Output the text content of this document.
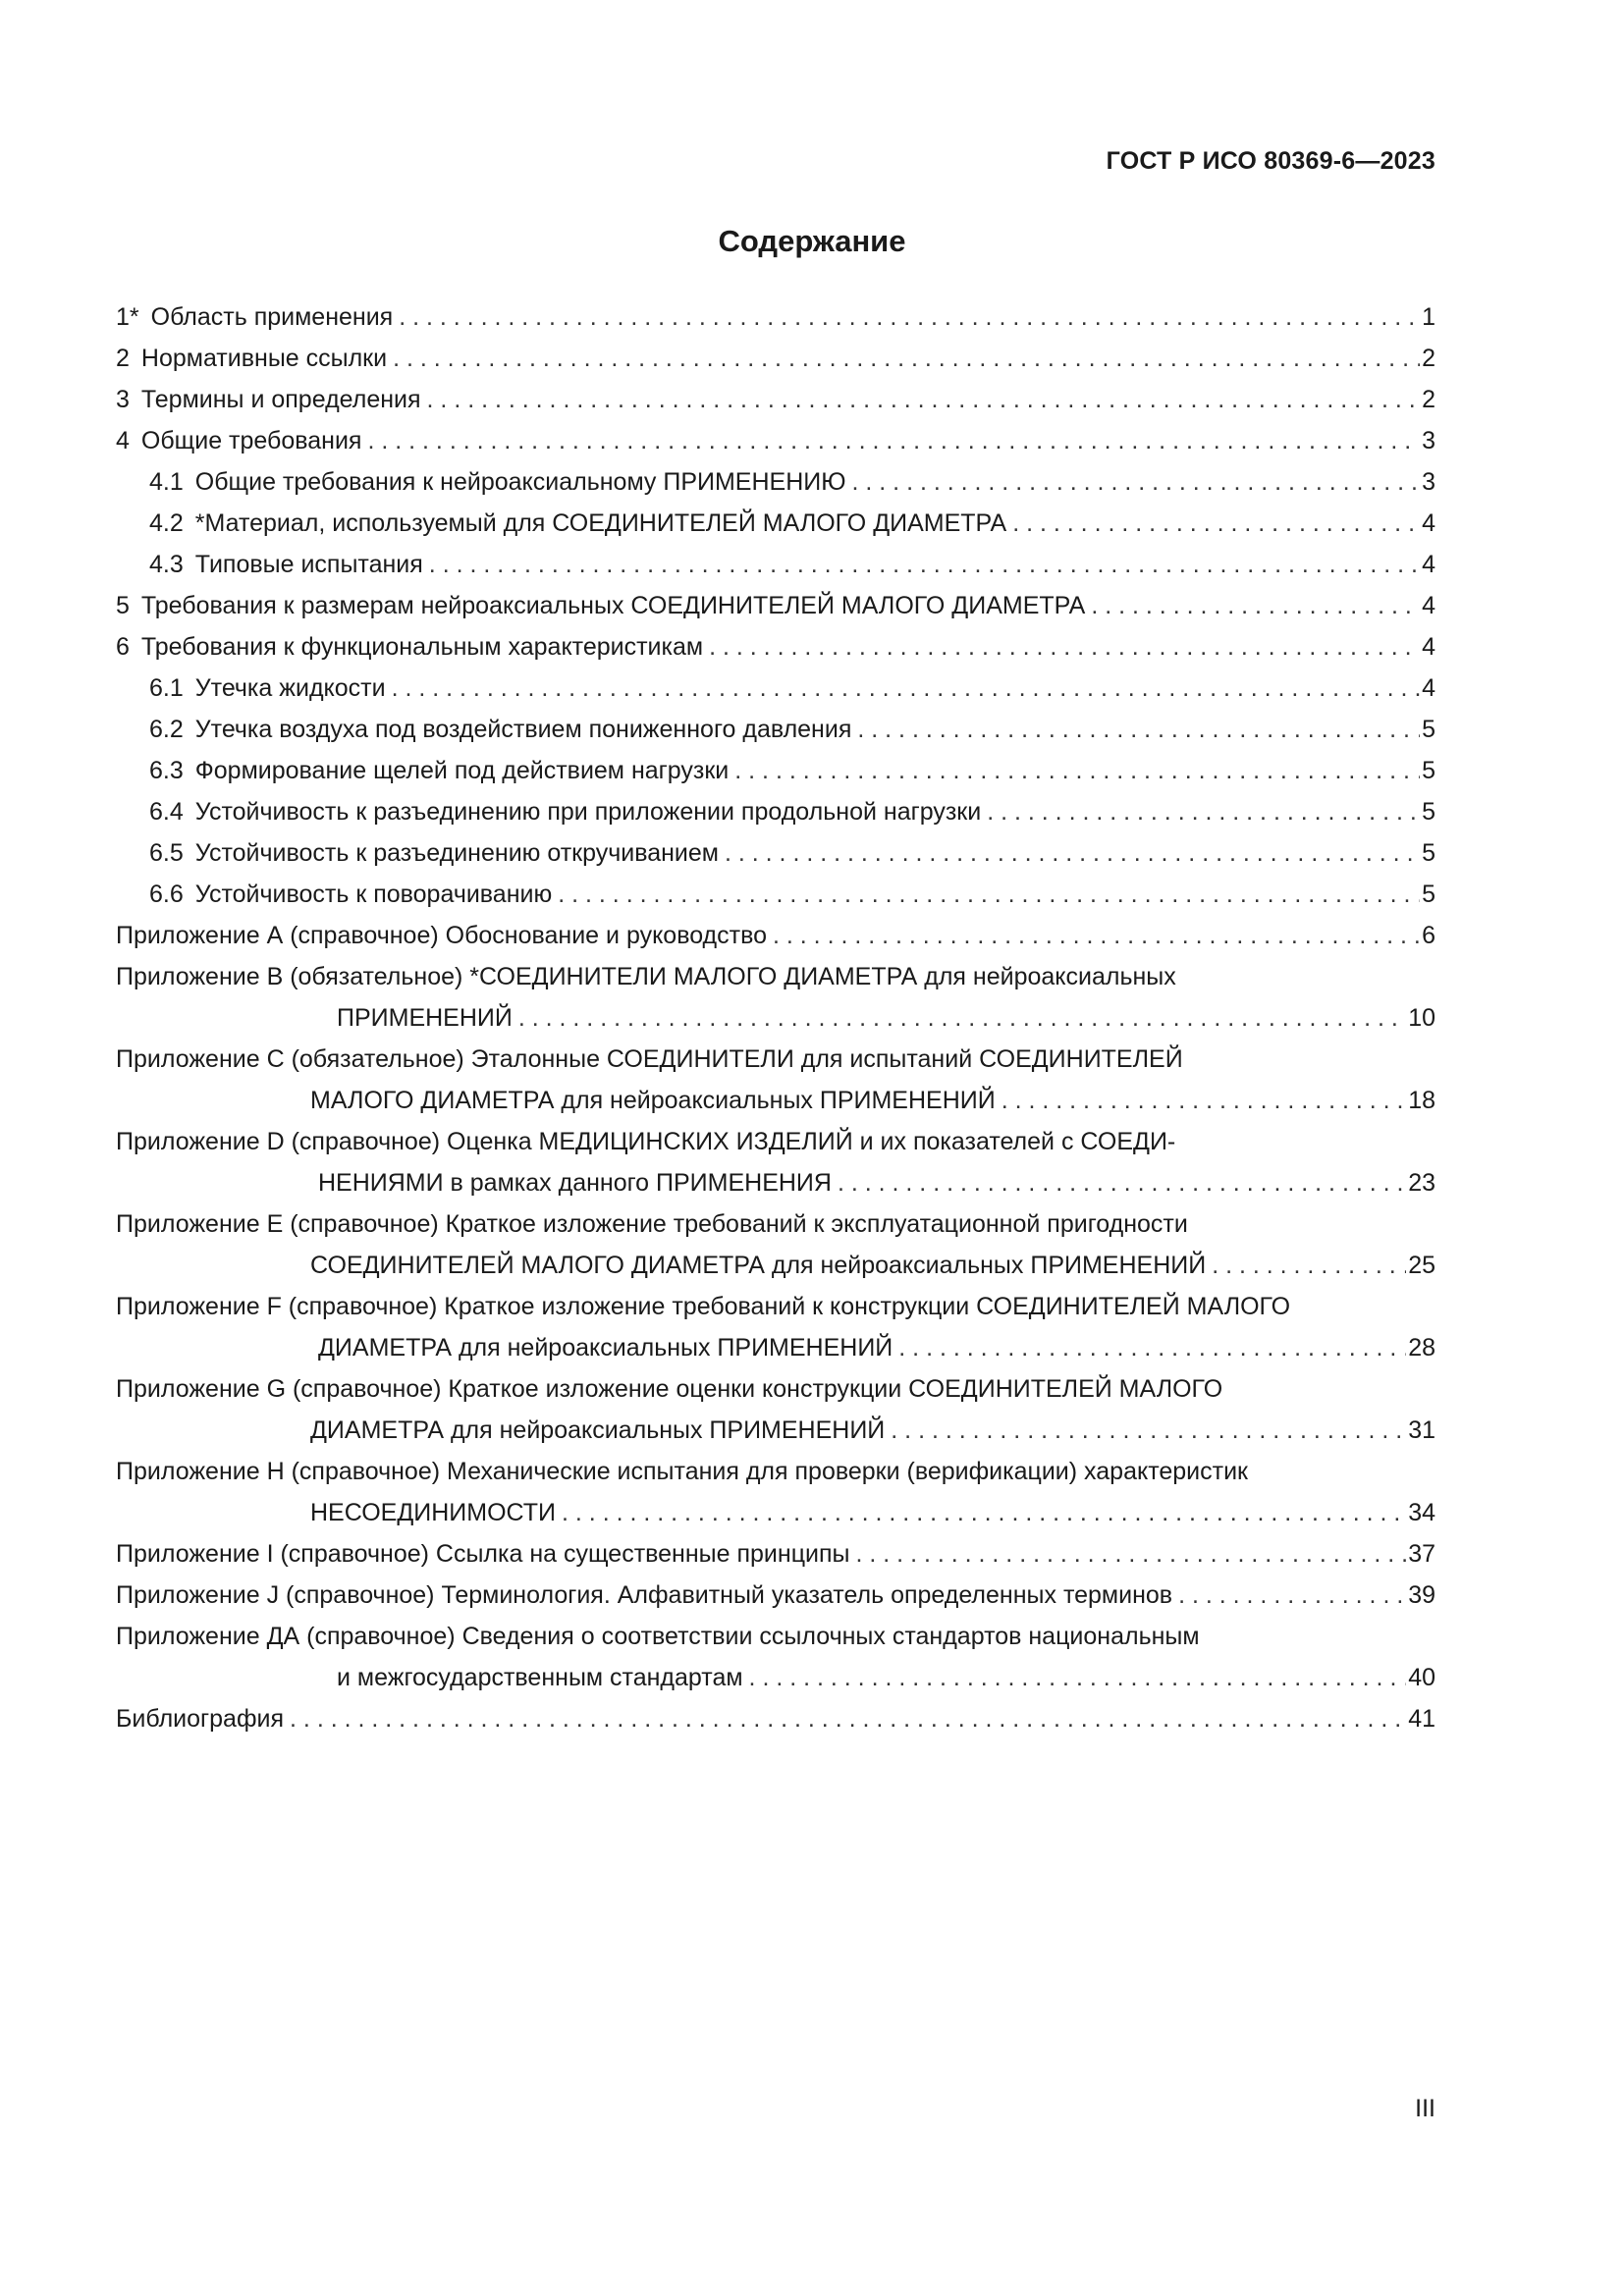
ГОСТ Р ИСО 80369-6—2023
Содержание
1* Область применения . . .	1
2 Нормативные ссылки . . .	2
3 Термины и определения . . .	2
4 Общие требования . . .	3
4.1 Общие требования к нейроаксиальному ПРИМЕНЕНИЮ . . .	3
4.2 *Материал, используемый для СОЕДИНИТЕЛЕЙ МАЛОГО ДИАМЕТРА . . .	4
4.3 Типовые испытания . . .	4
5 Требования к размерам нейроаксиальных СОЕДИНИТЕЛЕЙ МАЛОГО ДИАМЕТРА . . .	4
6 Требования к функциональным характеристикам . . .	4
6.1 Утечка жидкости . . .	4
6.2 Утечка воздуха под воздействием пониженного давления . . .	5
6.3 Формирование щелей под действием нагрузки . . .	5
6.4 Устойчивость к разъединению при приложении продольной нагрузки . . .	5
6.5 Устойчивость к разъединению откручиванием . . .	5
6.6 Устойчивость к поворачиванию . . .	5
Приложение А (справочное) Обоснование и руководство . . .	6
Приложение В (обязательное) *СОЕДИНИТЕЛИ МАЛОГО ДИАМЕТРА для нейроаксиальных
ПРИМЕНЕНИЙ . . .	10
Приложение С (обязательное) Эталонные СОЕДИНИТЕЛИ для испытаний СОЕДИНИТЕЛЕЙ
МАЛОГО ДИАМЕТРА для нейроаксиальных ПРИМЕНЕНИЙ . . .	18
Приложение D (справочное) Оценка МЕДИЦИНСКИХ ИЗДЕЛИЙ и их показателей с СОЕДИ-
НЕНИЯМИ в рамках данного ПРИМЕНЕНИЯ . . .	23
Приложение Е (справочное) Краткое изложение требований к эксплуатационной пригодности
СОЕДИНИТЕЛЕЙ МАЛОГО ДИАМЕТРА для нейроаксиальных ПРИМЕНЕНИЙ . . .	25
Приложение F (справочное) Краткое изложение требований к конструкции СОЕДИНИТЕЛЕЙ МАЛОГО
ДИАМЕТРА для нейроаксиальных ПРИМЕНЕНИЙ . . .	28
Приложение G (справочное) Краткое изложение оценки конструкции СОЕДИНИТЕЛЕЙ МАЛОГО
ДИАМЕТРА для нейроаксиальных ПРИМЕНЕНИЙ . . .	31
Приложение Н (справочное) Механические испытания для проверки (верификации) характеристик
НЕСОЕДИНИМОСТИ . . .	34
Приложение I (справочное) Ссылка на существенные принципы . . .	37
Приложение J (справочное) Терминология. Алфавитный указатель определенных терминов . . .	39
Приложение ДА (справочное) Сведения о соответствии ссылочных стандартов национальным
и межгосударственным стандартам . . .	40
Библиография . . .	41
III
